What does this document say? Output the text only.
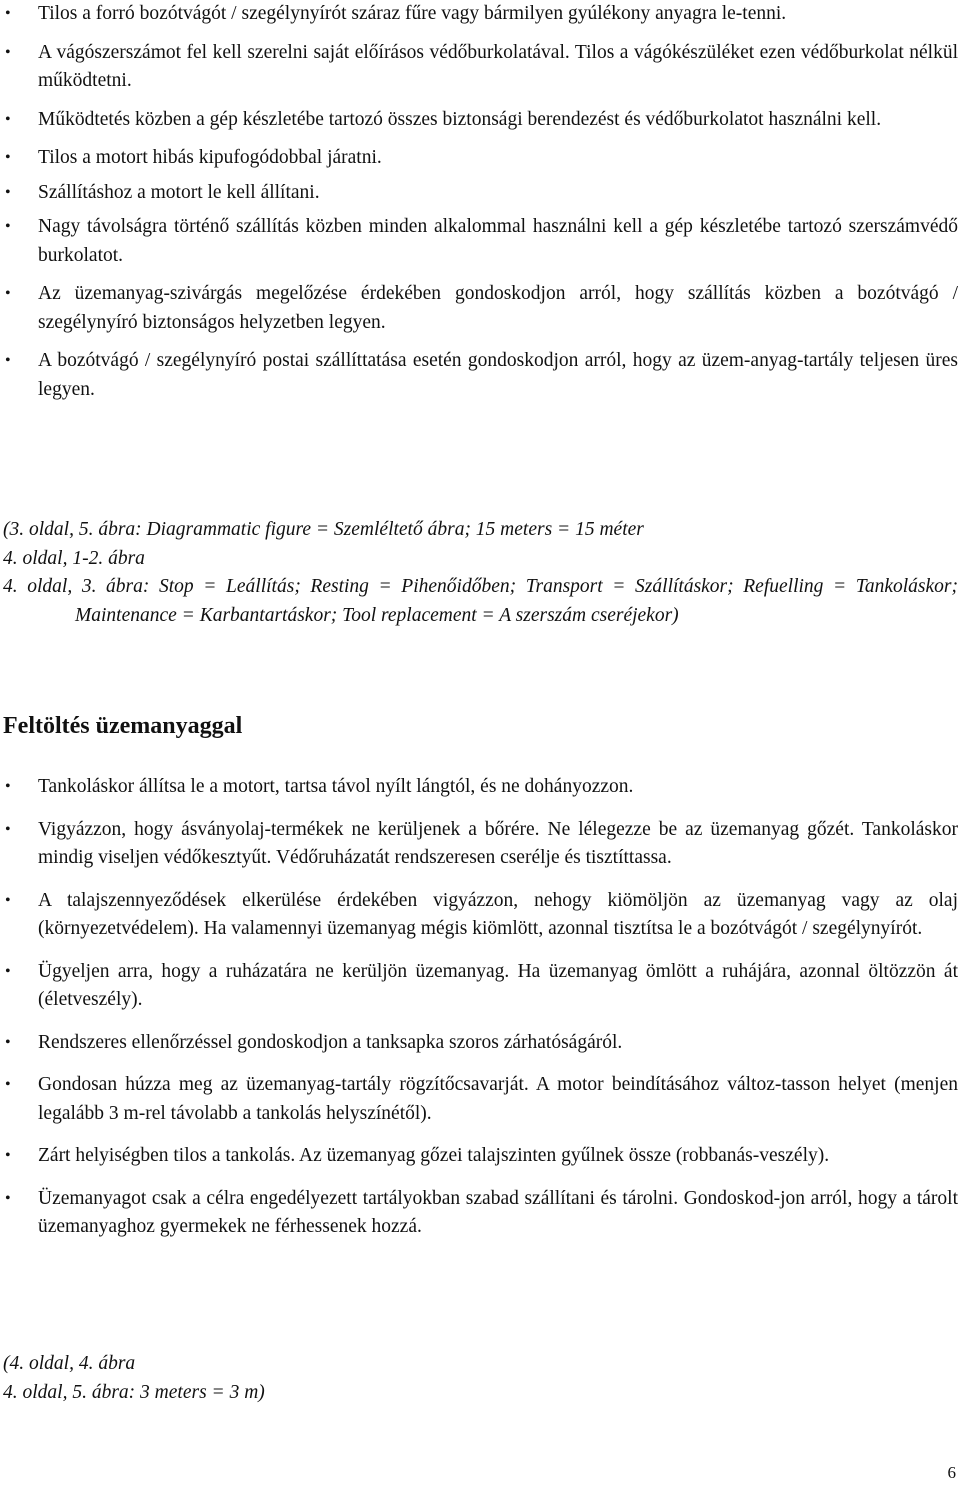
• Tilos a forró bozótvágót / szegélynyírót száraz fűre vagy bármilyen gyúlékony anyagra le-tenni.
• A vágószerszámot fel kell szerelni saját előírásos védőburkolatával. Tilos a vágókészüléket ezen védőburkolat nélkül működtetni.
• Működtetés közben a gép készletébe tartozó összes biztonsági berendezést és védőburkolatot használni kell.
• Tilos a motort hibás kipufogódobbal járatni.
• Szállításhoz a motort le kell állítani.
• Nagy távolságra történő szállítás közben minden alkalommal használni kell a gép készletébe tartozó szerszámvédő burkolatot.
• Az üzemanyag-szivárgás megelőzése érdekében gondoskodjon arról, hogy szállítás közben a bozótvágó / szegélynyíró biztonságos helyzetben legyen.
• A bozótvágó / szegélynyíró postai szállíttatása esetén gondoskodjon arról, hogy az üzem-anyag-tartály teljesen üres legyen.

(3. oldal, 5. ábra: Diagrammatic figure = Szemléltető ábra; 15 meters = 15 méter

4. oldal, 1-2. ábra

4. oldal, 3. ábra: Stop = Leállítás; Resting = Pihenőidőben; Transport = Szállításkor; Refuelling = Tankoláskor; Maintenance = Karbantartáskor; Tool replacement = A szerszám cseréjekor)

Feltöltés üzemanyaggal
• Tankoláskor állítsa le a motort, tartsa távol nyílt lángtól, és ne dohányozzon.
• Vigyázzon, hogy ásványolaj-termékek ne kerüljenek a bőrére. Ne lélegezze be az üzemanyag gőzét. Tankoláskor mindig viseljen védőkesztyűt. Védőruházatát rendszeresen cserélje és tisztíttassa.
• A talajszennyeződések elkerülése érdekében vigyázzon, nehogy kiömöljön az üzemanyag vagy az olaj (környezetvédelem). Ha valamennyi üzemanyag mégis kiömlött, azonnal tisztítsa le a bozótvágót / szegélynyírót.
• Ügyeljen arra, hogy a ruházatára ne kerüljön üzemanyag. Ha üzemanyag ömlött a ruhájára, azonnal öltözzön át (életveszély).
• Rendszeres ellenőrzéssel gondoskodjon a tanksapka szoros zárhatóságáról.
• Gondosan húzza meg az üzemanyag-tartály rögzítőcsavarját. A motor beindításához változ-tasson helyet (menjen legalább 3 m-rel távolabb a tankolás helyszínétől).
• Zárt helyiségben tilos a tankolás. Az üzemanyag gőzei talajszinten gyűlnek össze (robbanás-veszély).
• Üzemanyagot csak a célra engedélyezett tartályokban szabad szállítani és tárolni. Gondoskod-jon arról, hogy a tárolt üzemanyaghoz gyermekek ne férhessenek hozzá.

(4. oldal, 4. ábra

4. oldal, 5. ábra: 3 meters = 3 m)

6
